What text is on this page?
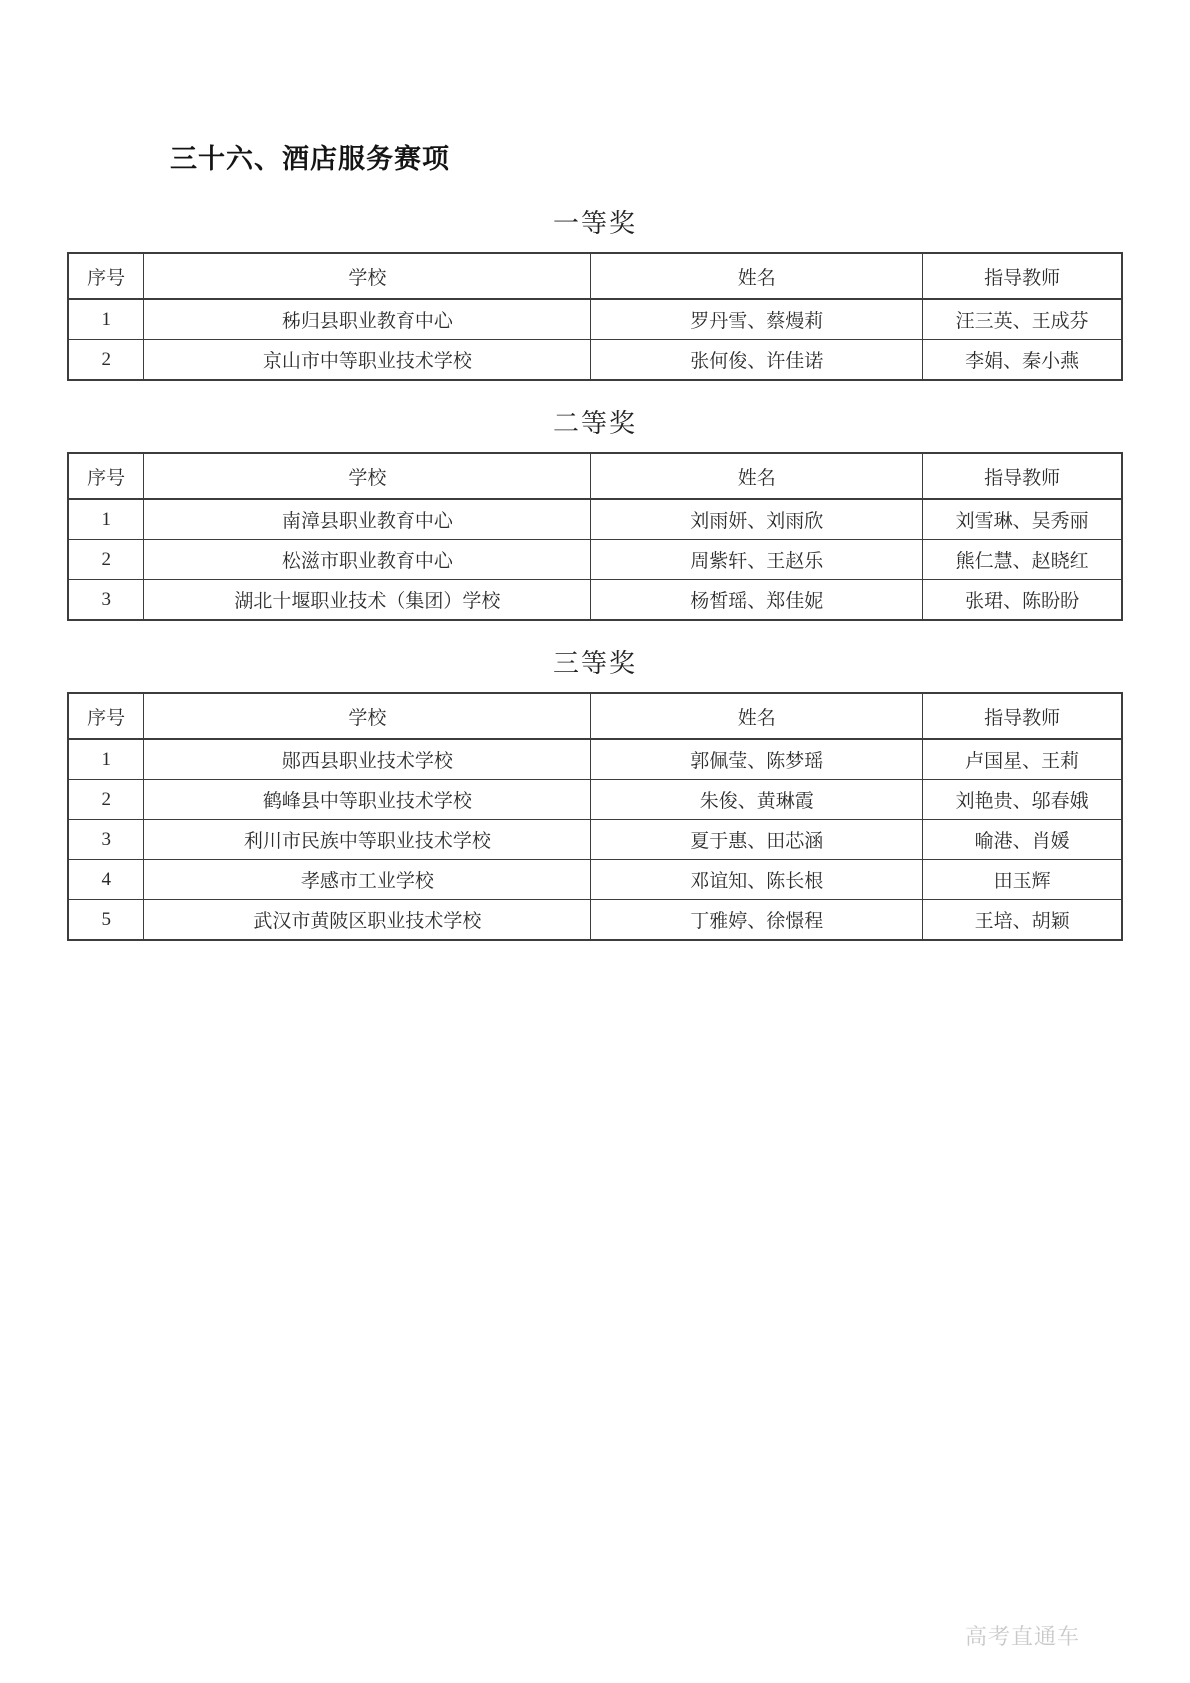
三十六、酒店服务赛项
一等奖
序号	学校	姓名	指导教师
1	秭归县职业教育中心	罗丹雪、蔡熳莉	汪三英、王成芬
2	京山市中等职业技术学校	张何俊、许佳诺	李娟、秦小燕
二等奖
序号	学校	姓名	指导教师
1	南漳县职业教育中心	刘雨妍、刘雨欣	刘雪琳、吴秀丽
2	松滋市职业教育中心	周紫轩、王赵乐	熊仁慧、赵晓红
3	湖北十堰职业技术（集团）学校	杨皙瑶、郑佳妮	张珺、陈盼盼
三等奖
序号	学校	姓名	指导教师
1	郧西县职业技术学校	郭佩莹、陈梦瑶	卢国星、王莉
2	鹤峰县中等职业技术学校	朱俊、黄琳霞	刘艳贵、邬春娥
3	利川市民族中等职业技术学校	夏于惠、田芯涵	喻港、肖媛
4	孝感市工业学校	邓谊知、陈长根	田玉辉
5	武汉市黄陂区职业技术学校	丁雅婷、徐憬程	王培、胡颖
高考直通车
